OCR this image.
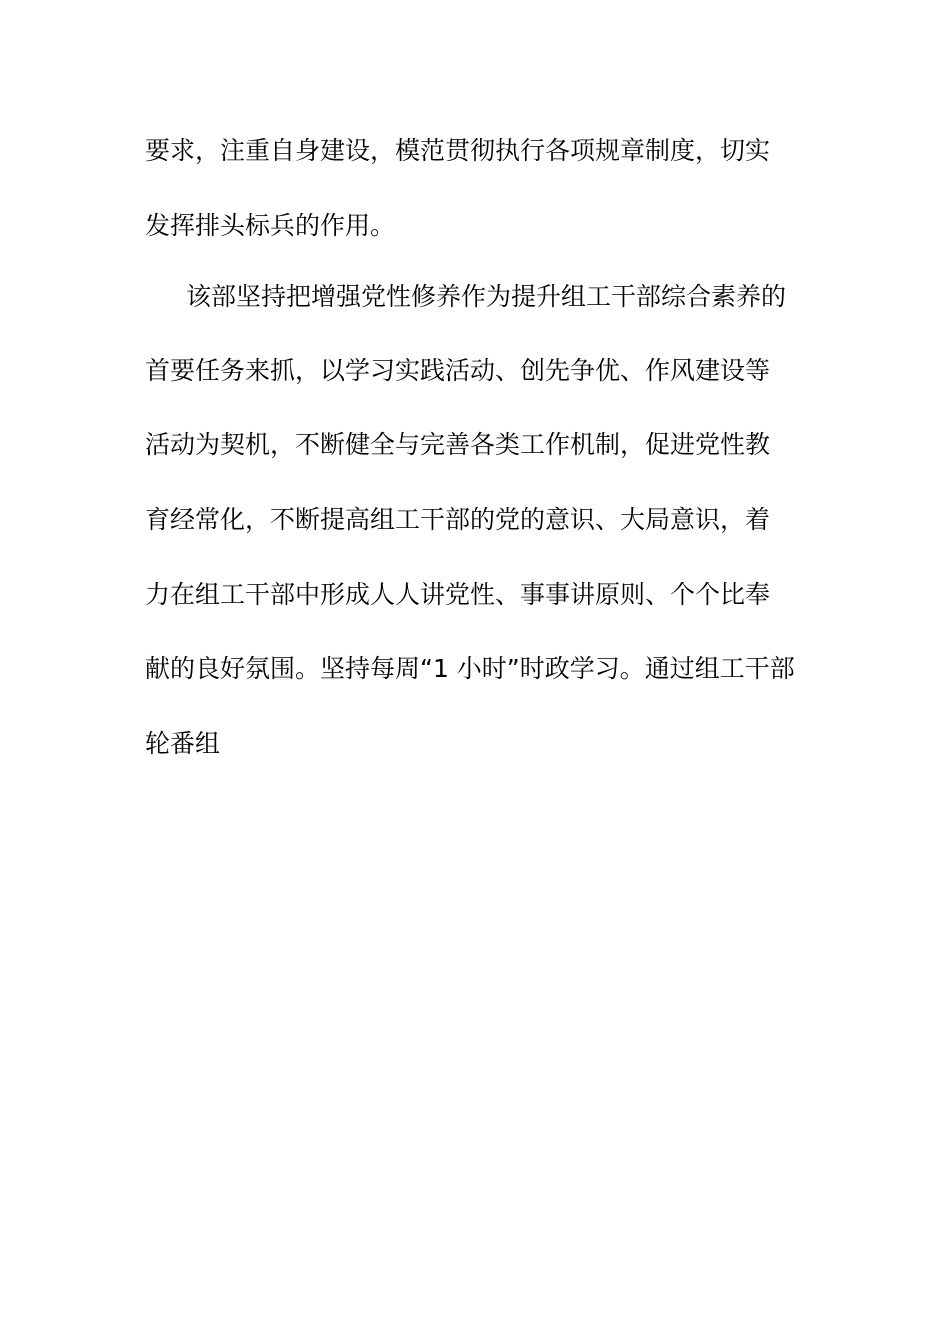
要求，注重自身建设，模范贯彻执行各项规章制度，切实

发挥排头标兵的作用。

该部坚持把增强党性修养作为提升组工干部综合素养的

首要任务来抓，以学习实践活动、创先争优、作风建设等

活动为契机，不断健全与完善各类工作机制，促进党性教

育经常化，不断提高组工干部的党的意识、大局意识，着

力在组工干部中形成人人讲党性、事事讲原则、个个比奉

献的良好氛围。坚持每周“1 小时”时政学习。通过组工干部

轮番组
